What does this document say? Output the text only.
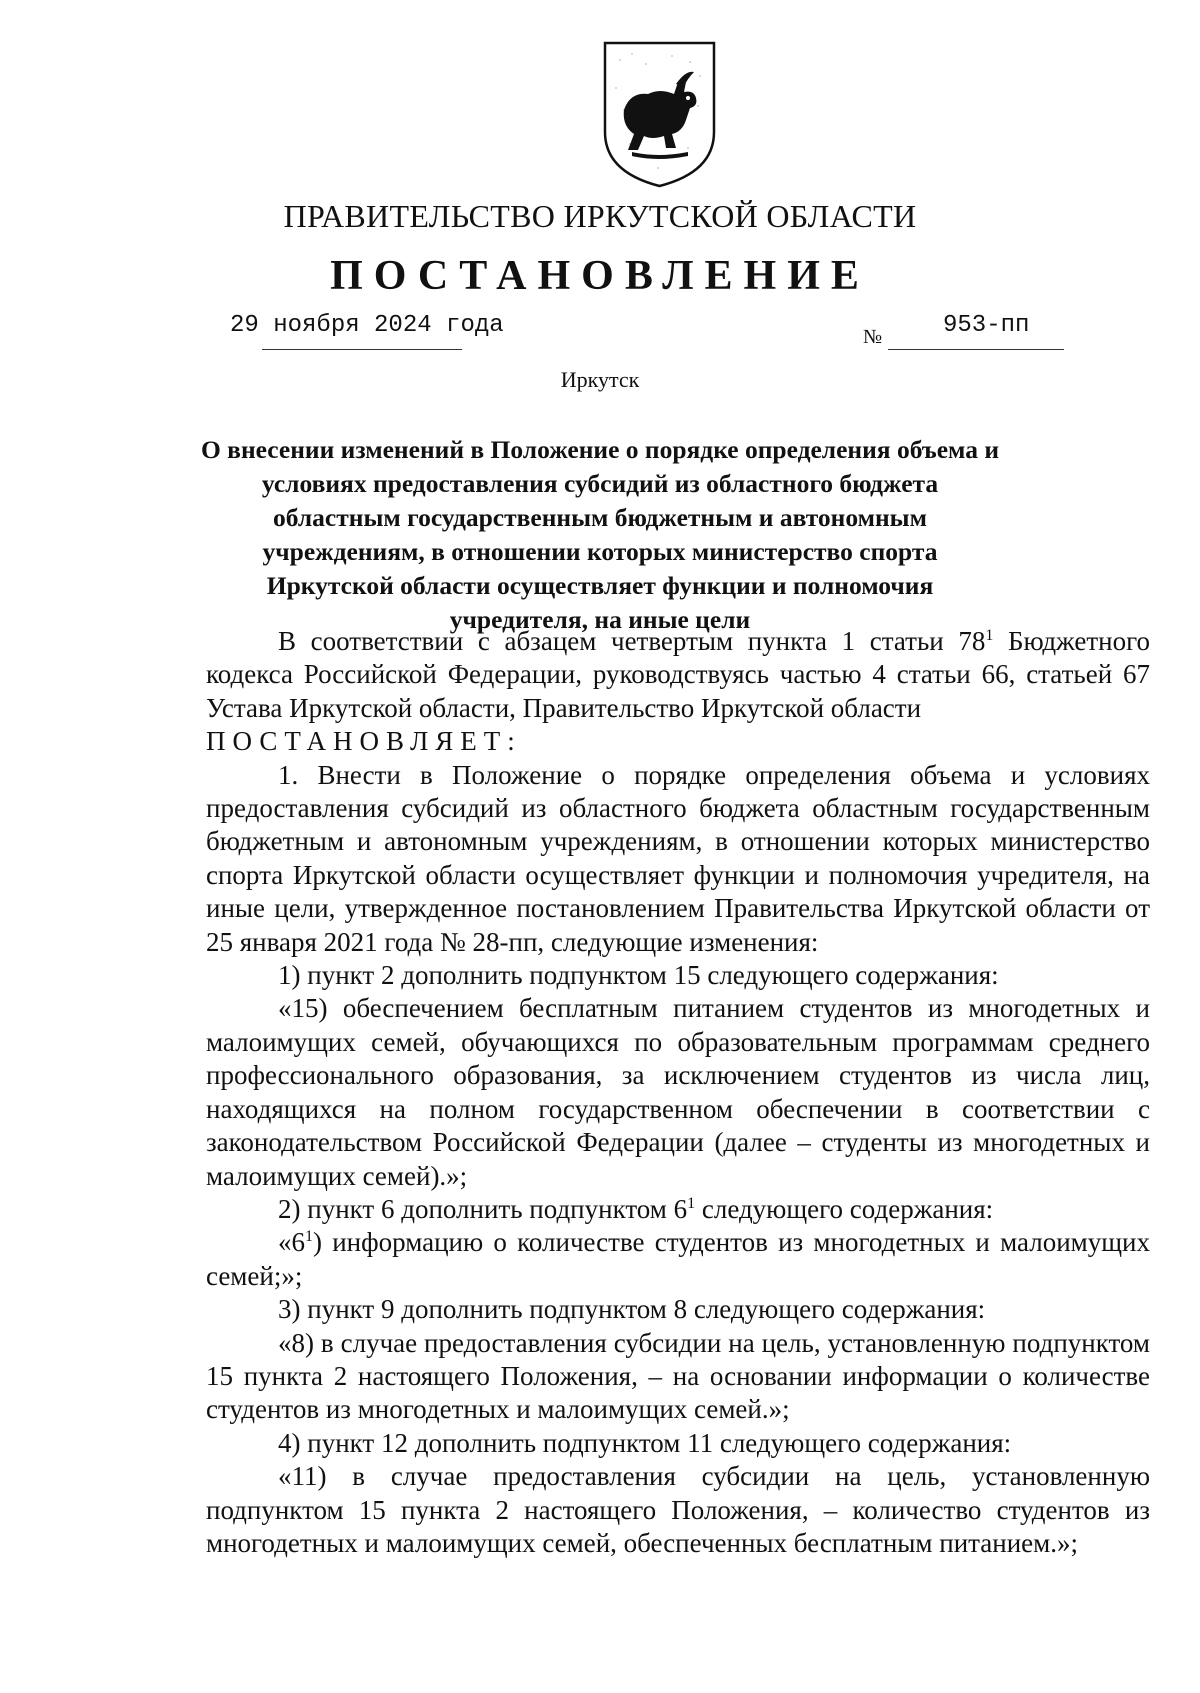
ПРАВИТЕЛЬСТВО ИРКУТСКОЙ ОБЛАСТИ
ПОСТАНОВЛЕНИЕ
29 ноября 2024 года	№	953-пп
Иркутск
О внесении изменений в Положение о порядке определения объема и условиях предоставления субсидий из областного бюджета областным государственным бюджетным и автономным учреждениям, в отношении которых министерство спорта Иркутской области осуществляет функции и полномочия учредителя, на иные цели

В соответствии с абзацем четвертым пункта 1 статьи $78^1$ Бюджетного кодекса Российской Федерации, руководствуясь частью 4 статьи 66, статьей 67 Устава Иркутской области, Правительство Иркутской области

ПОСТАНОВЛЯЕТ:

1. Внести в Положение о порядке определения объема и условиях предоставления субсидий из областного бюджета областным государственным бюджетным и автономным учреждениям, в отношении которых министерство спорта Иркутской области осуществляет функции и полномочия учредителя, на иные цели, утвержденное постановлением Правительства Иркутской области от 25 января 2021 года № 28-пп, следующие изменения:

1) пункт 2 дополнить подпунктом 15 следующего содержания:

«15) обеспечением бесплатным питанием студентов из многодетных и малоимущих семей, обучающихся по образовательным программам среднего профессионального образования, за исключением студентов из числа лиц, находящихся на полном государственном обеспечении в соответствии с законодательством Российской Федерации (далее – студенты из многодетных и малоимущих семей).»;

2) пункт 6 дополнить подпунктом $6^1$ следующего содержания:

«$6^1$) информацию о количестве студентов из многодетных и малоимущих семей;»;

3) пункт 9 дополнить подпунктом 8 следующего содержания:

«8) в случае предоставления субсидии на цель, установленную подпунктом 15 пункта 2 настоящего Положения, – на основании информации о количестве студентов из многодетных и малоимущих семей.»;

4) пункт 12 дополнить подпунктом 11 следующего содержания:

«11) в случае предоставления субсидии на цель, установленную подпунктом 15 пункта 2 настоящего Положения, – количество студентов из многодетных и малоимущих семей, обеспеченных бесплатным питанием.»;
